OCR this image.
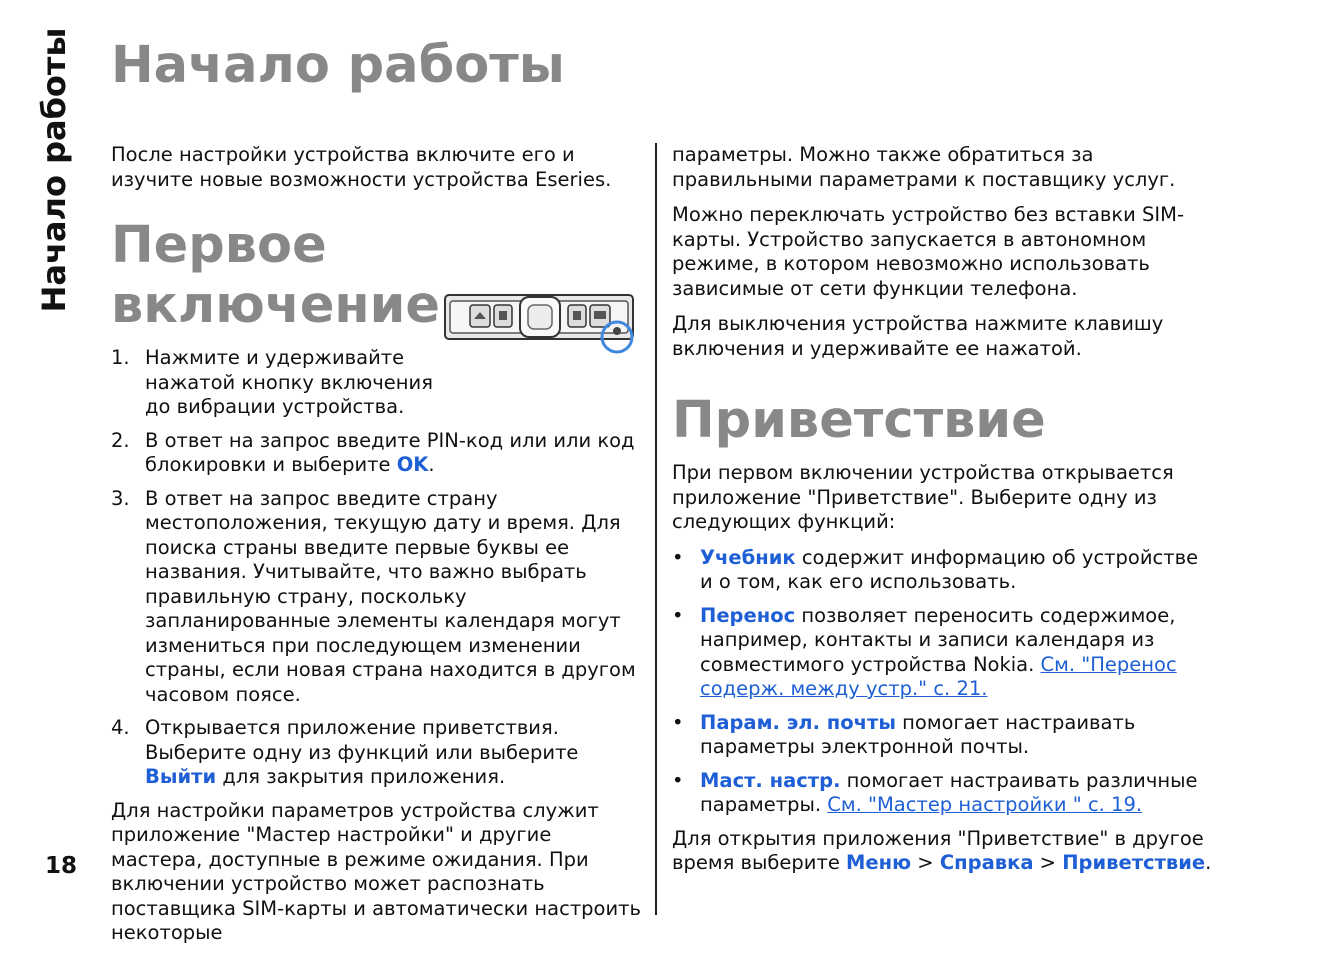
Начало работы
18
Начало работы

После настройки устройства включите его и изучите новые возможности устройства Eseries.

Первое включение
1. Нажмите и удерживайте нажатой кнопку включения до вибрации устройства.
2. В ответ на запрос введите PIN-код или или код блокировки и выберите OK.
3. В ответ на запрос введите страну местоположения, текущую дату и время. Для поиска страны введите первые буквы ее названия. Учитывайте, что важно выбрать правильную страну, поскольку запланированные элементы календаря могут измениться при последующем изменении страны, если новая страна находится в другом часовом поясе.
4. Открывается приложение приветствия. Выберите одну из функций или выберите Выйти для закрытия приложения.

Для настройки параметров устройства служит приложение "Мастер настройки" и другие мастера, доступные в режиме ожидания. При включении устройство может распознать поставщика SIM-карты и автоматически настроить некоторые

параметры. Можно также обратиться за правильными параметрами к поставщику услуг.

Можно переключать устройство без вставки SIM-карты. Устройство запускается в автономном режиме, в котором невозможно использовать зависимые от сети функции телефона.

Для выключения устройства нажмите клавишу включения и удерживайте ее нажатой.

Приветствие

При первом включении устройства открывается приложение "Приветствие". Выберите одну из следующих функций:

• Учебник содержит информацию об устройстве и о том, как его использовать.
• Перенос позволяет переносить содержимое, например, контакты и записи календаря из совместимого устройства Nokia. См. "Перенос содерж. между устр." с. 21.
• Парам. эл. почты помогает настраивать параметры электронной почты.
• Маст. настр. помогает настраивать различные параметры. См. "Мастер настройки " с. 19.

Для открытия приложения "Приветствие" в другое время выберите Меню > Справка > Приветствие.
